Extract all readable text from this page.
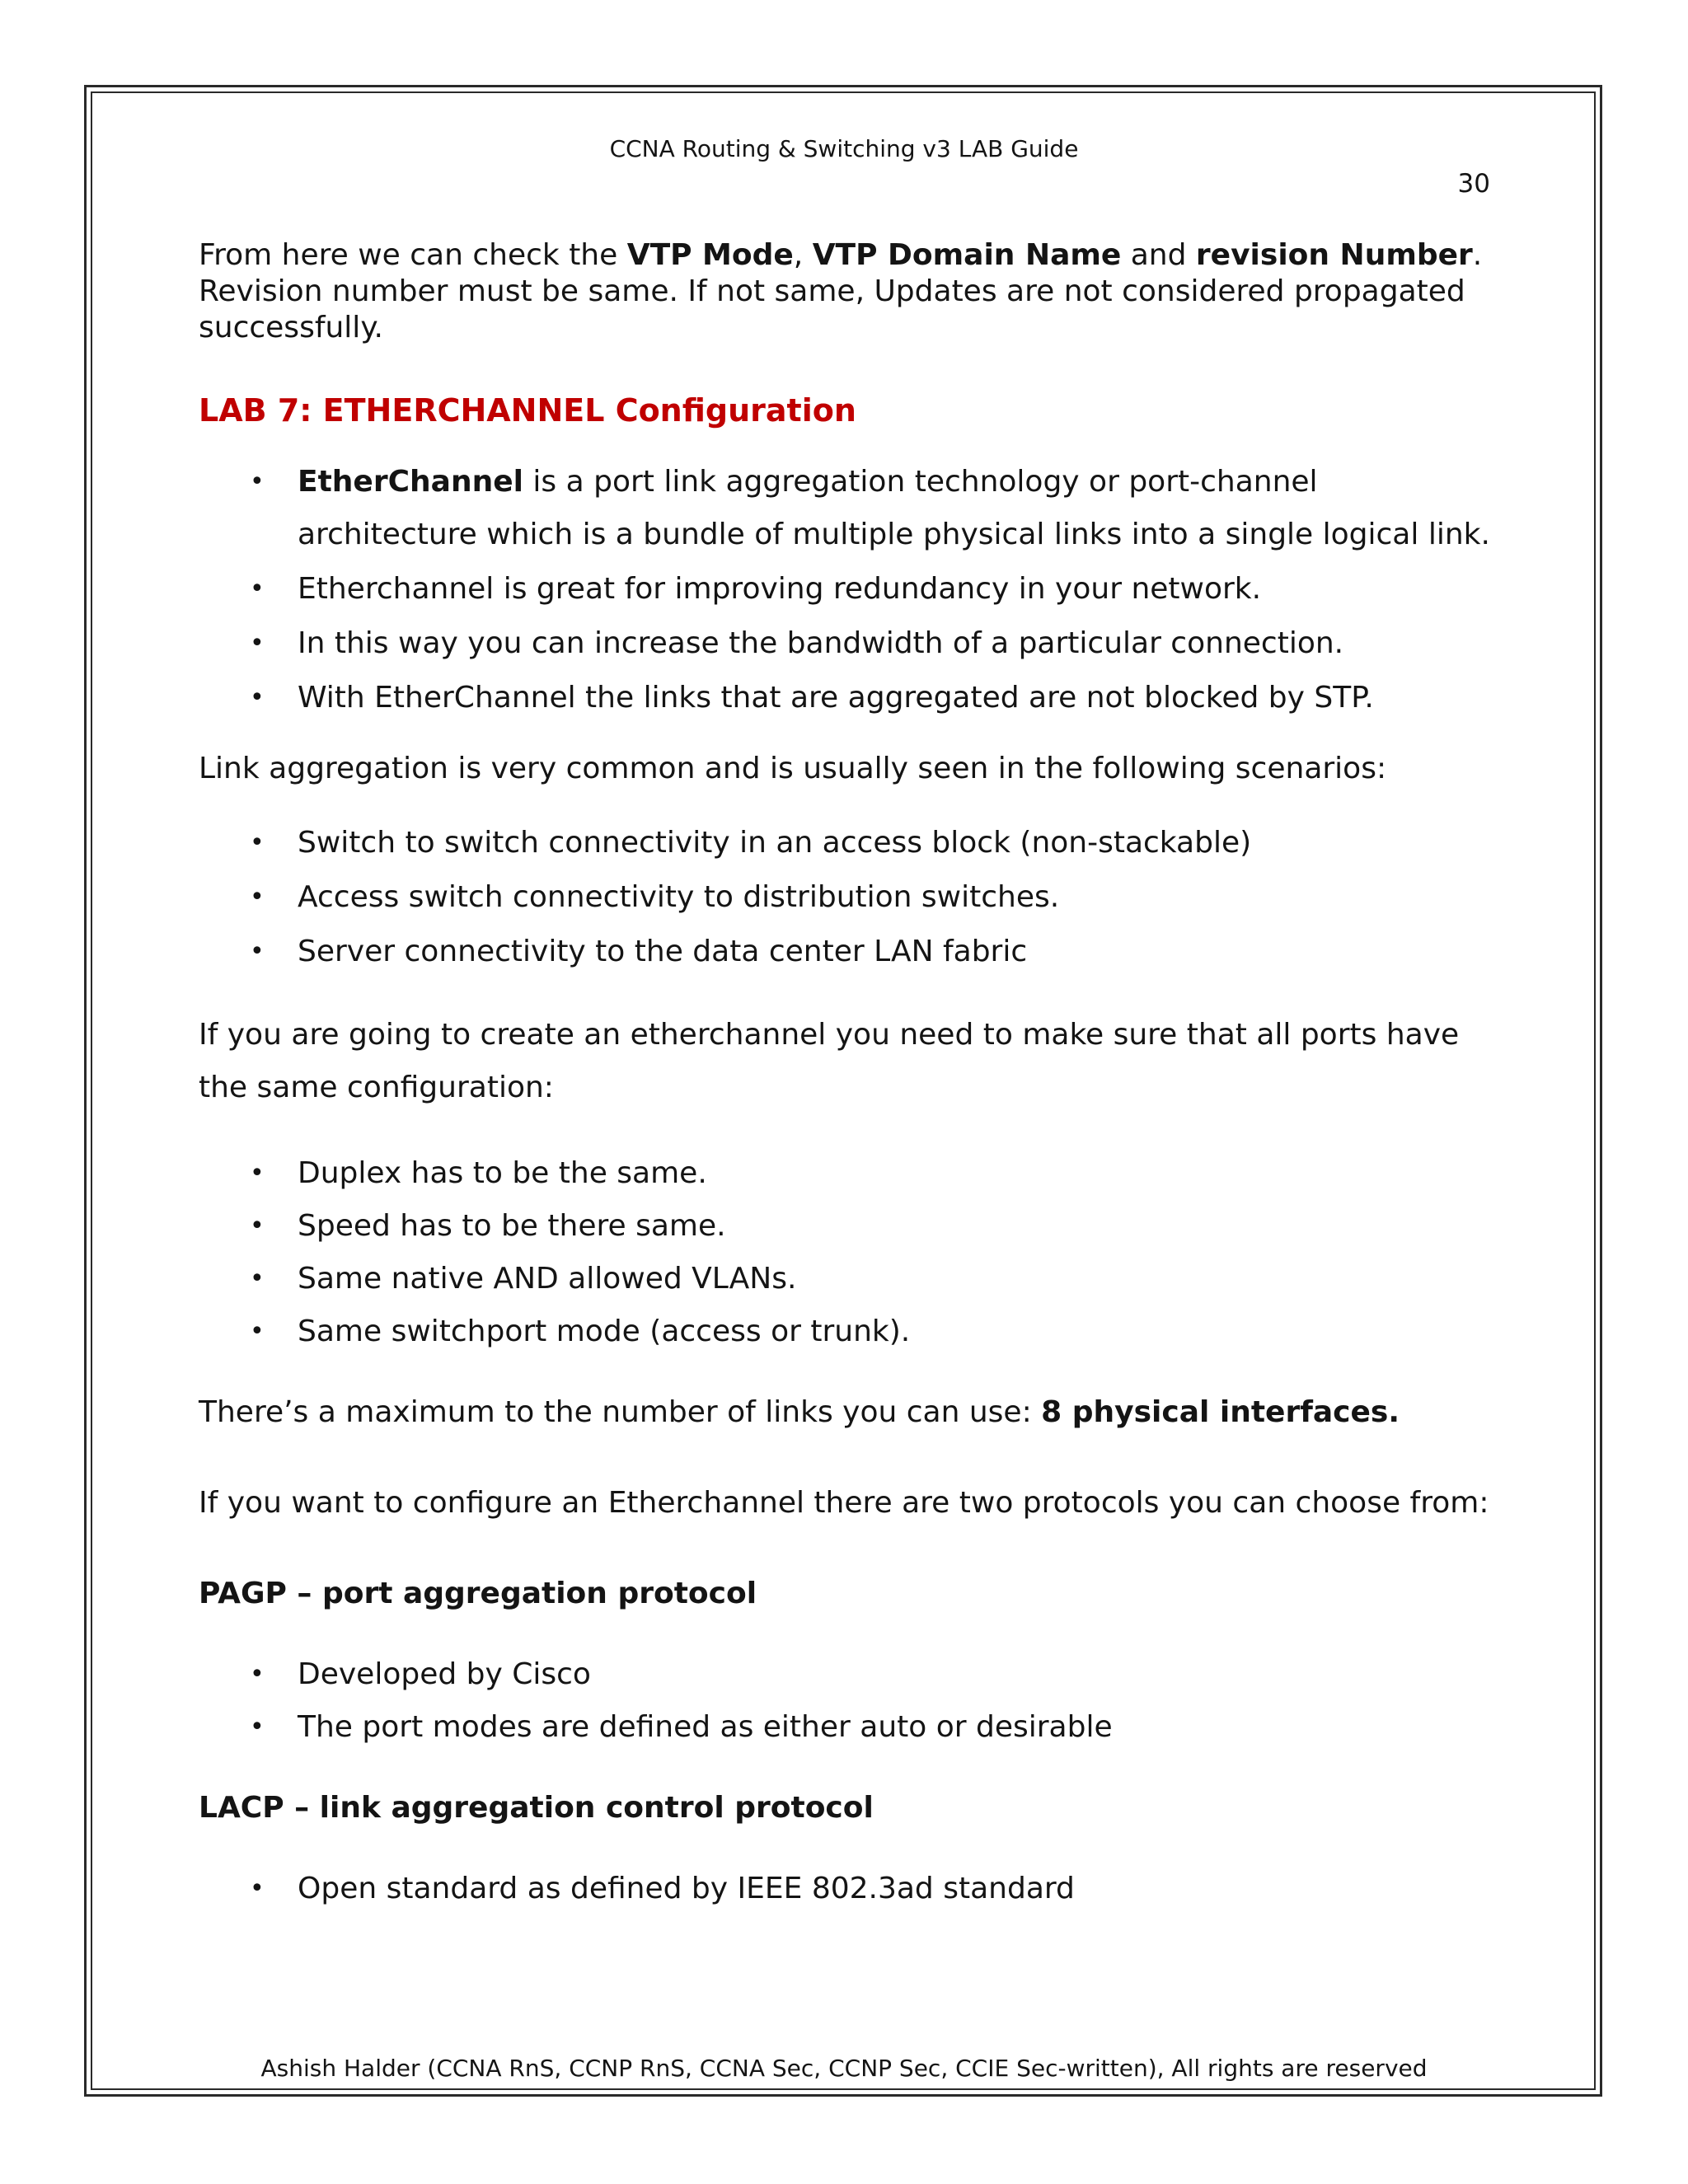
CCNA Routing & Switching v3 LAB Guide
30

From here we can check the VTP Mode, VTP Domain Name and revision Number. Revision number must be same. If not same, Updates are not considered propagated successfully.

LAB 7: ETHERCHANNEL Configuration
• EtherChannel is a port link aggregation technology or port-channel architecture which is a bundle of multiple physical links into a single logical link.
• Etherchannel is great for improving redundancy in your network.
• In this way you can increase the bandwidth of a particular connection.
• With EtherChannel the links that are aggregated are not blocked by STP.

Link aggregation is very common and is usually seen in the following scenarios:

• Switch to switch connectivity in an access block (non-stackable)
• Access switch connectivity to distribution switches.
• Server connectivity to the data center LAN fabric

If you are going to create an etherchannel you need to make sure that all ports have the same configuration:

• Duplex has to be the same.
• Speed has to be there same.
• Same native AND allowed VLANs.
• Same switchport mode (access or trunk).

There’s a maximum to the number of links you can use: 8 physical interfaces.

If you want to configure an Etherchannel there are two protocols you can choose from:

PAGP – port aggregation protocol

• Developed by Cisco
• The port modes are defined as either auto or desirable

LACP – link aggregation control protocol

• Open standard as defined by IEEE 802.3ad standard
Ashish Halder (CCNA RnS, CCNP RnS, CCNA Sec, CCNP Sec, CCIE Sec-written), All rights are reserved
